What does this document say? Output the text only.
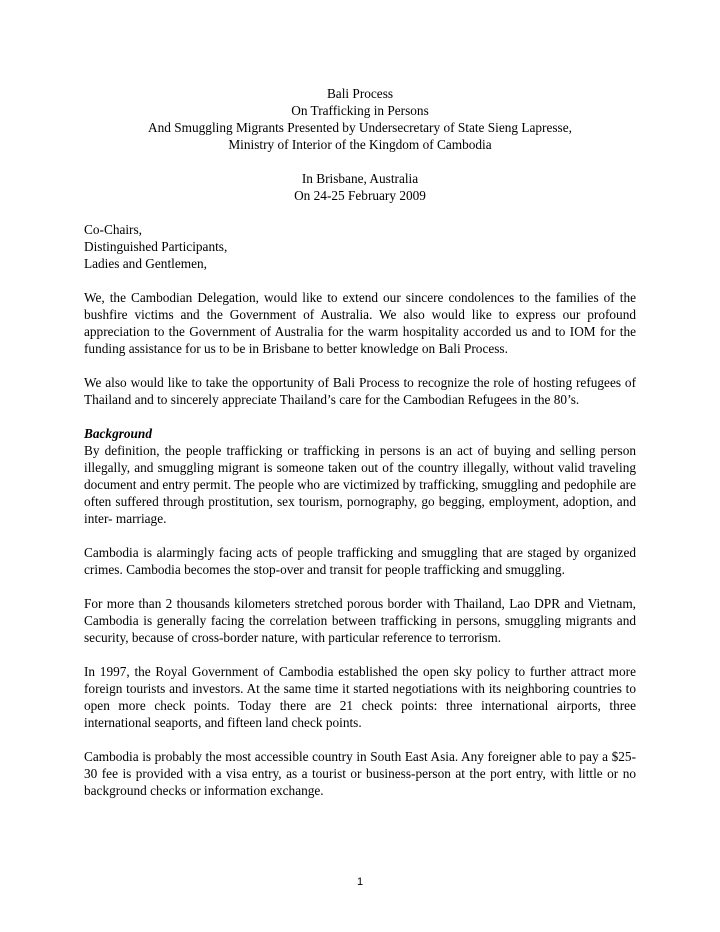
Bali Process
On Trafficking in Persons
And Smuggling Migrants Presented by Undersecretary of State Sieng Lapresse,
Ministry of Interior of the Kingdom of Cambodia
In Brisbane, Australia
On 24-25 February 2009
Co-Chairs,
Distinguished Participants,
Ladies and Gentlemen,

We, the Cambodian Delegation, would like to extend our sincere condolences to the families of the bushfire victims and the Government of Australia. We also would like to express our profound appreciation to the Government of Australia for the warm hospitality accorded us and to IOM for the funding assistance for us to be in Brisbane to better knowledge on Bali Process.

We also would like to take the opportunity of Bali Process to recognize the role of hosting refugees of Thailand and to sincerely appreciate Thailand’s care for the Cambodian Refugees in the 80’s.

Background

By definition, the people trafficking or trafficking in persons is an act of buying and selling person illegally, and smuggling migrant is someone taken out of the country illegally, without valid traveling document and entry permit. The people who are victimized by trafficking, smuggling and pedophile are often suffered through prostitution, sex tourism, pornography, go begging, employment, adoption, and inter- marriage.

Cambodia is alarmingly facing acts of people trafficking and smuggling that are staged by organized crimes. Cambodia becomes the stop-over and transit for people trafficking and smuggling.

For more than 2 thousands kilometers stretched porous border with Thailand, Lao DPR and Vietnam, Cambodia is generally facing the correlation between trafficking in persons, smuggling migrants and security, because of cross-border nature, with particular reference to terrorism.

In 1997, the Royal Government of Cambodia established the open sky policy to further attract more foreign tourists and investors. At the same time it started negotiations with its neighboring countries to open more check points. Today there are 21 check points: three international airports, three international seaports, and fifteen land check points.

Cambodia is probably the most accessible country in South East Asia. Any foreigner able to pay a $25-30 fee is provided with a visa entry, as a tourist or business-person at the port entry, with little or no background checks or information exchange.

1
